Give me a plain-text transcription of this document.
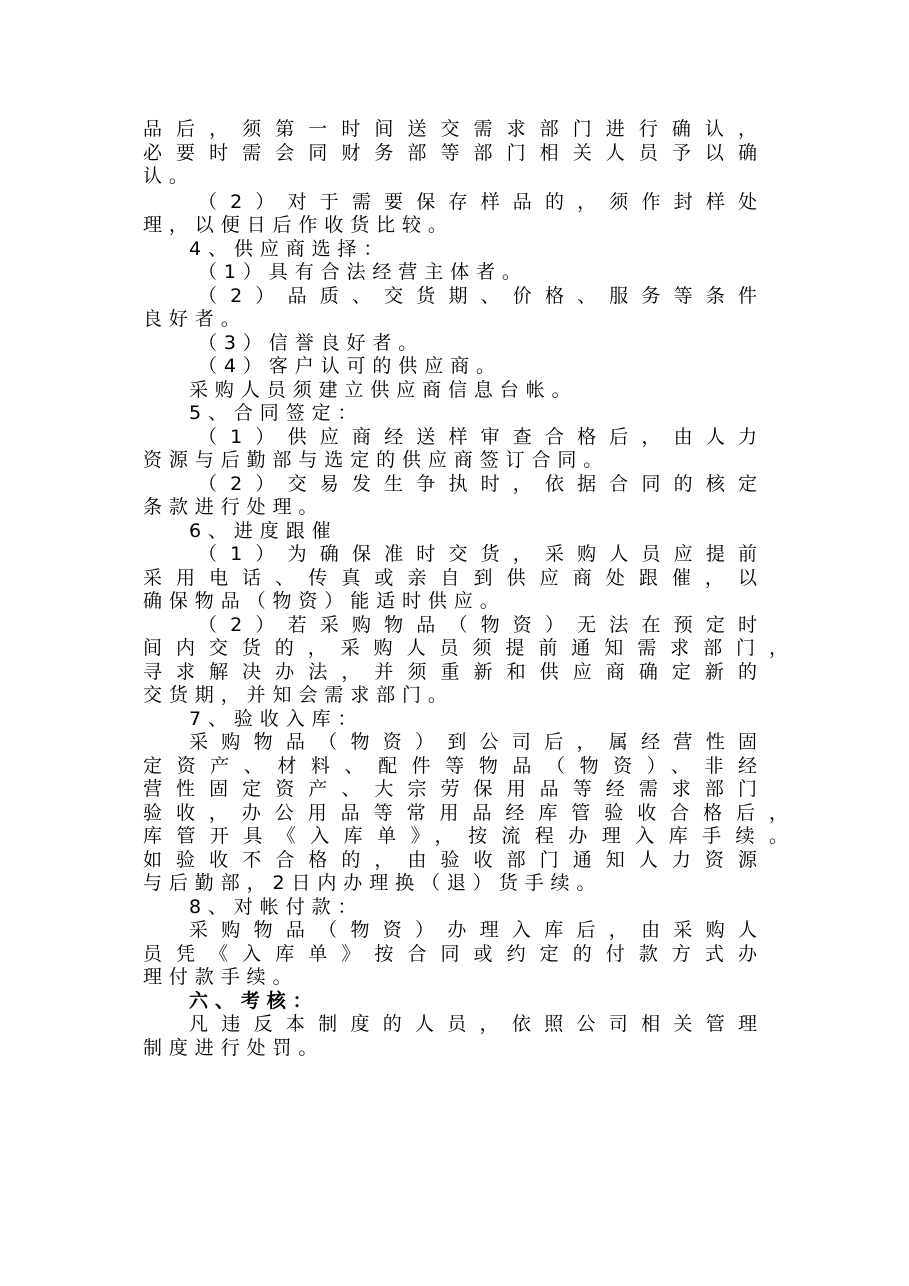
品后，须第一时间送交需求部门进行确认，
必要时需会同财务部等部门相关人员予以确
认。
（2）对于需要保存样品的，须作封样处
理，以便日后作收货比较。
4、供应商选择：
（1）具有合法经营主体者。
（2）品质、交货期、价格、服务等条件
良好者。
（3）信誉良好者。
（4）客户认可的供应商。
采购人员须建立供应商信息台帐。
5、合同签定：
（1）供应商经送样审查合格后，由人力
资源与后勤部与选定的供应商签订合同。
（2）交易发生争执时，依据合同的核定
条款进行处理。
6、进度跟催
（1）为确保准时交货，采购人员应提前
采用电话、传真或亲自到供应商处跟催，以
确保物品（物资）能适时供应。
（2）若采购物品（物资）无法在预定时
间内交货的，采购人员须提前通知需求部门，
寻求解决办法，并须重新和供应商确定新的
交货期，并知会需求部门。
7、验收入库：
采购物品（物资）到公司后，属经营性固
定资产、材料、配件等物品（物资）、非经
营性固定资产、大宗劳保用品等经需求部门
验收，办公用品等常用品经库管验收合格后，
库管开具《入库单》，按流程办理入库手续。
如验收不合格的，由验收部门通知人力资源
与后勤部，2日内办理换（退）货手续。
8、对帐付款：
采购物品（物资）办理入库后，由采购人
员凭《入库单》按合同或约定的付款方式办
理付款手续。
六、考核：
凡违反本制度的人员，依照公司相关管理
制度进行处罚。
